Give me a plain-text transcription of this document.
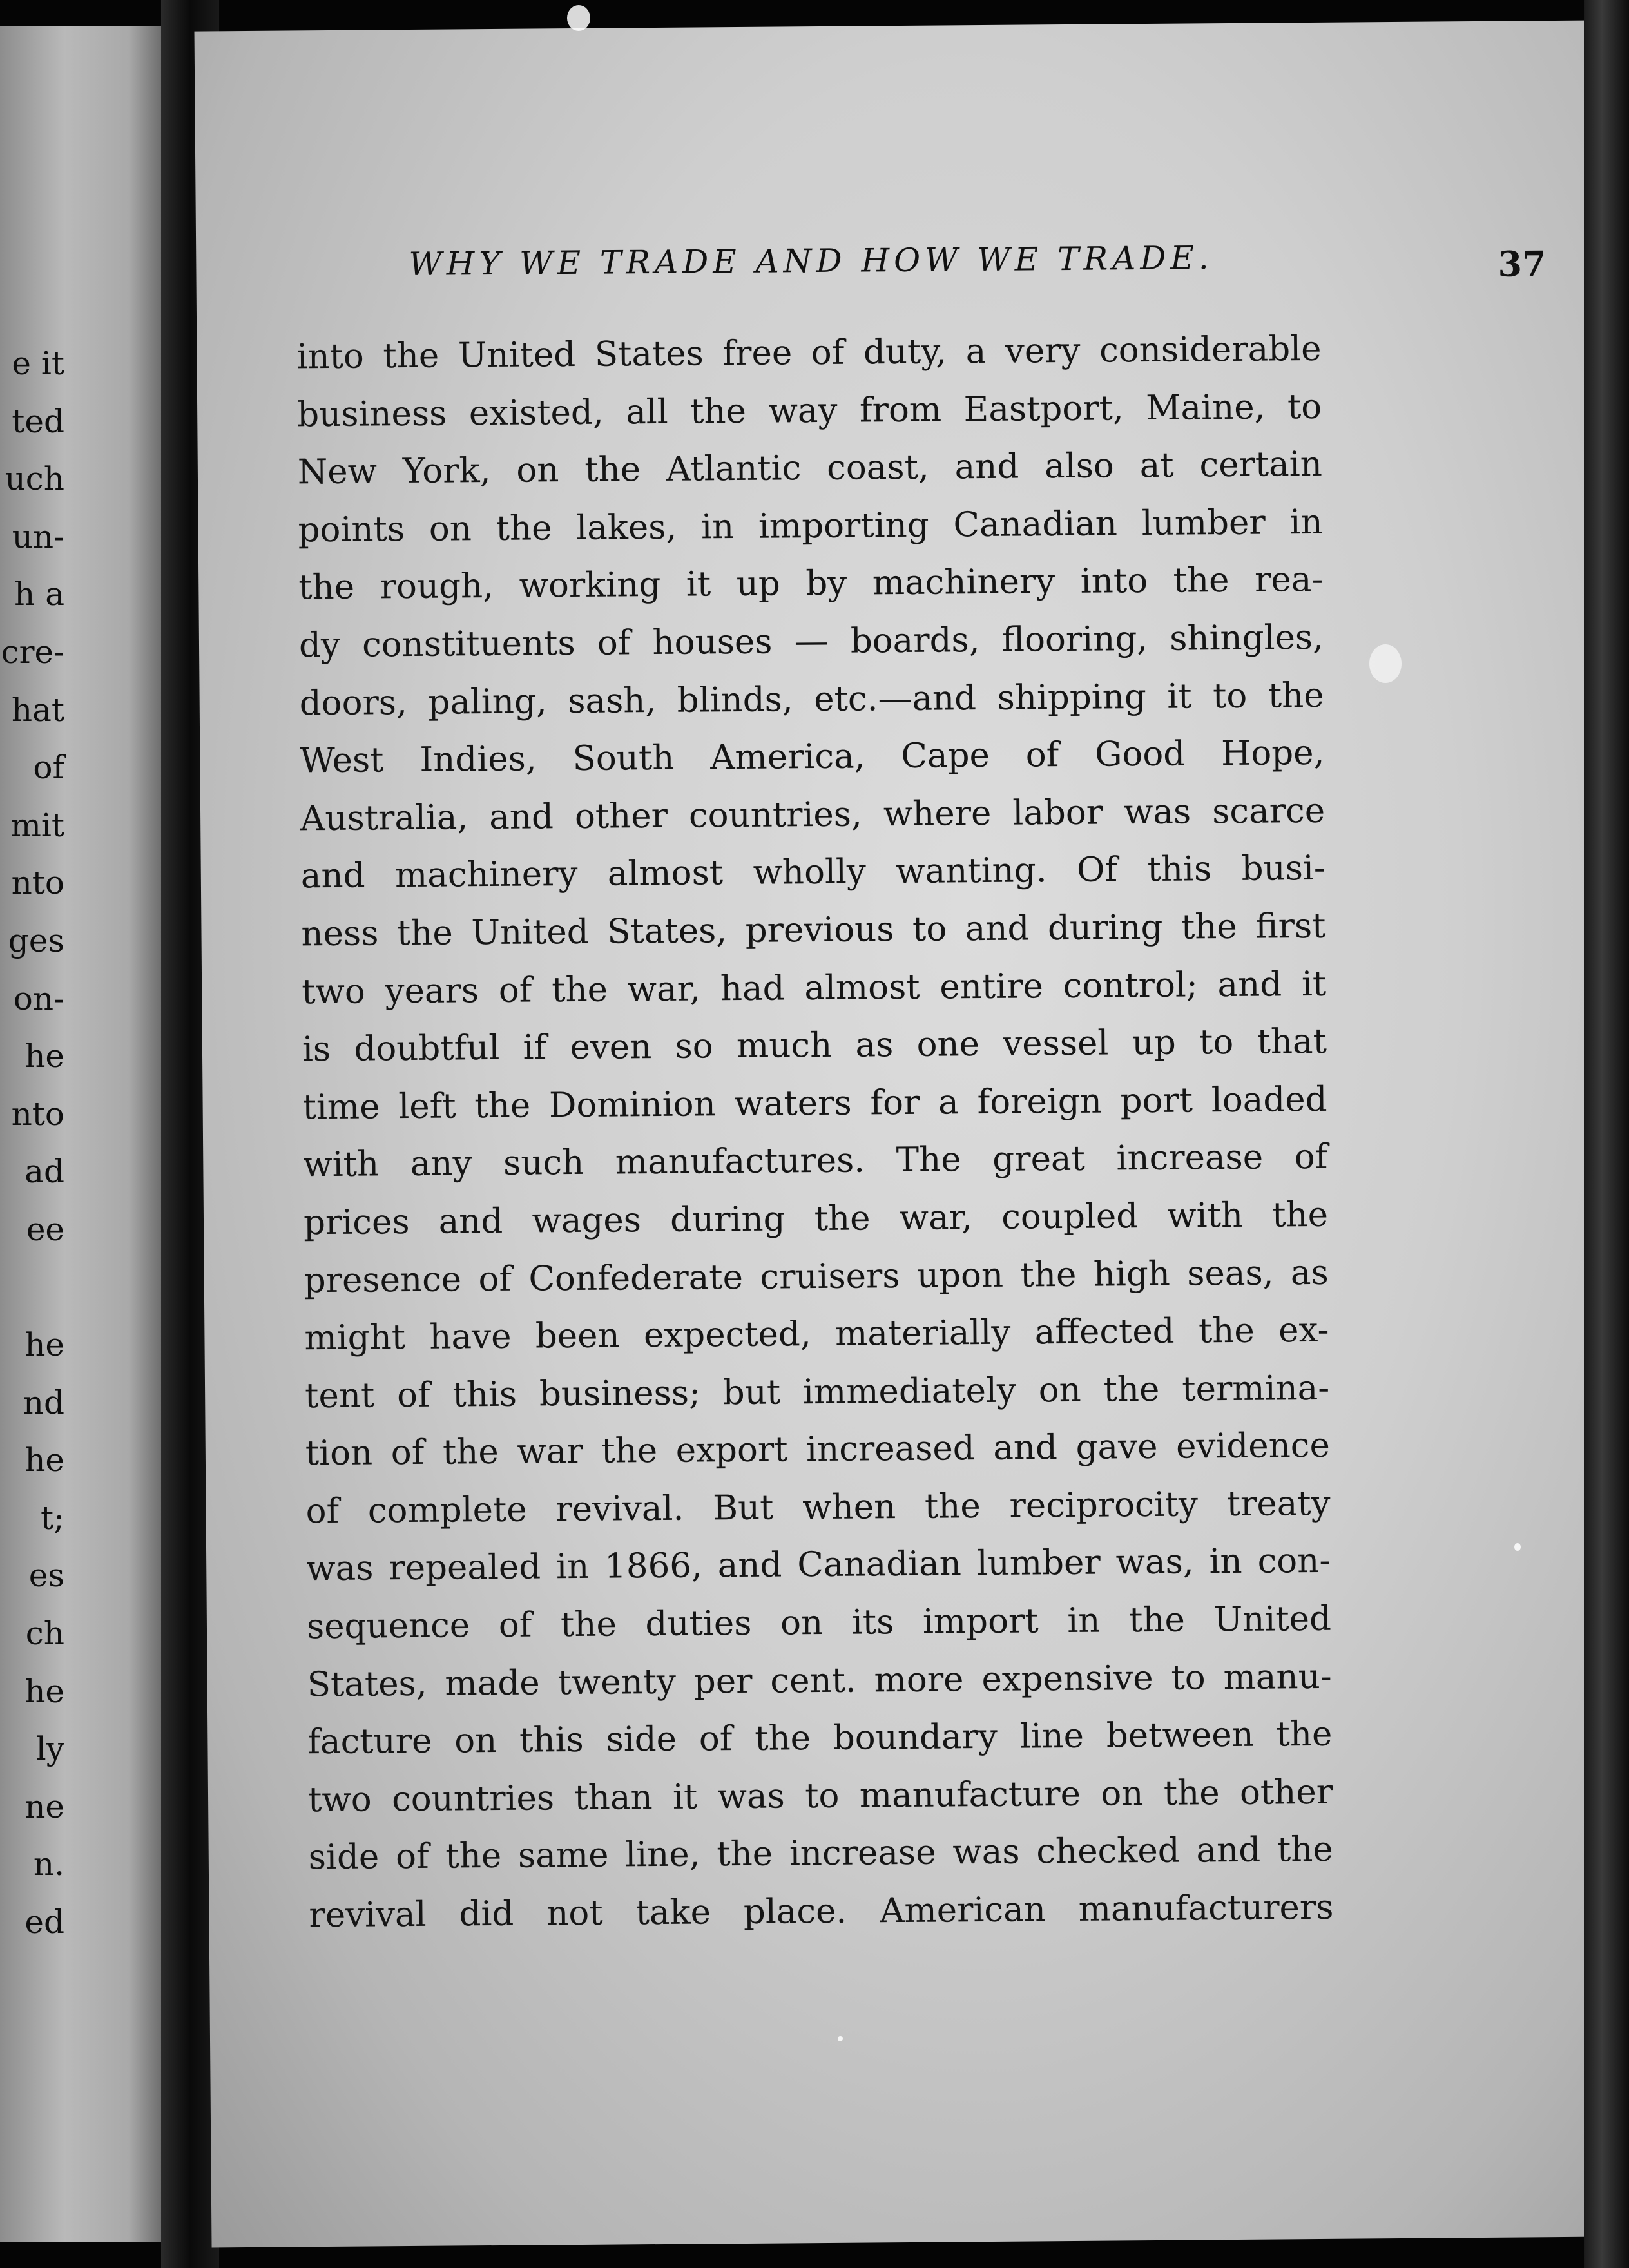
e it
ted
uch
un-
h a
cre-
hat
of
mit
nto
ges
on-
he
nto
ad
ee
he
nd
he
t;
es
ch
he
ly
ne
n.
ed
WHY WE TRADE AND HOW WE TRADE.	37
into the United States free of duty, a very considerable
business existed, all the way from Eastport, Maine, to
New York, on the Atlantic coast, and also at certain
points on the lakes, in importing Canadian lumber in
the rough, working it up by machinery into the rea-
dy constituents of houses — boards, flooring, shingles,
doors, paling, sash, blinds, etc.—and shipping it to the
West Indies, South America, Cape of Good Hope,
Australia, and other countries, where labor was scarce
and machinery almost wholly wanting. Of this busi-
ness the United States, previous to and during the first
two years of the war, had almost entire control; and it
is doubtful if even so much as one vessel up to that
time left the Dominion waters for a foreign port loaded
with any such manufactures. The great increase of
prices and wages during the war, coupled with the
presence of Confederate cruisers upon the high seas, as
might have been expected, materially affected the ex-
tent of this business; but immediately on the termina-
tion of the war the export increased and gave evidence
of complete revival. But when the reciprocity treaty
was repealed in 1866, and Canadian lumber was, in con-
sequence of the duties on its import in the United
States, made twenty per cent. more expensive to manu-
facture on this side of the boundary line between the
two countries than it was to manufacture on the other
side of the same line, the increase was checked and the
revival did not take place. American manufacturers
